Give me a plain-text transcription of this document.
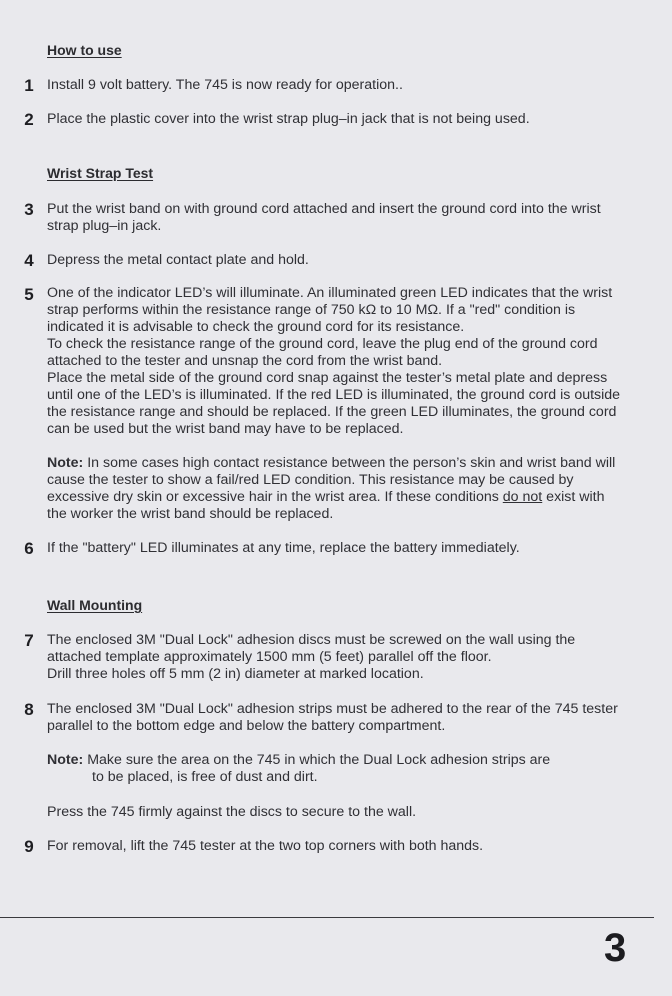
How to use
1 Install 9 volt battery. The 745 is now ready for operation..
2 Place the plastic cover into the wrist strap plug–in jack that is not being used.
Wrist Strap Test
3 Put the wrist band on with ground cord attached and insert the ground cord into the wrist strap plug–in jack.
4 Depress the metal contact plate and hold.
5 One of the indicator LED’s will illuminate. An illuminated green LED indicates that the wrist strap performs within the resistance range of 750 kΩ to 10 MΩ. If a "red" condition is indicated it is advisable to check the ground cord for its resistance.

To check the resistance range of the ground cord, leave the plug end of the ground cord attached to the tester and unsnap the cord from the wrist band.

Place the metal side of the ground cord snap against the tester’s metal plate and depress until one of the LED’s is illuminated. If the red LED is illuminated, the ground cord is outside the resistance range and should be replaced. If the green LED illuminates, the ground cord can be used but the wrist band may have to be replaced.

Note: In some cases high contact resistance between the person’s skin and wrist band will cause the tester to show a fail/red LED condition. This resistance may be caused by excessive dry skin or excessive hair in the wrist area. If these conditions do not exist with the worker the wrist band should be replaced.
6 If the "battery" LED illuminates at any time, replace the battery immediately.
Wall Mounting
7 The enclosed 3M "Dual Lock" adhesion discs must be screwed on the wall using the attached template approximately 1500 mm (5 feet) parallel off the floor.

Drill three holes off 5 mm (2 in) diameter at marked location.

8 The enclosed 3M "Dual Lock" adhesion strips must be adhered to the rear of the 745 tester parallel to the bottom edge and below the battery compartment.

Note: Make sure the area on the 745 in which the Dual Lock adhesion strips are

to be placed, is free of dust and dirt.

Press the 745 firmly against the discs to secure to the wall.
9 For removal, lift the 745 tester at the two top corners with both hands.
3
